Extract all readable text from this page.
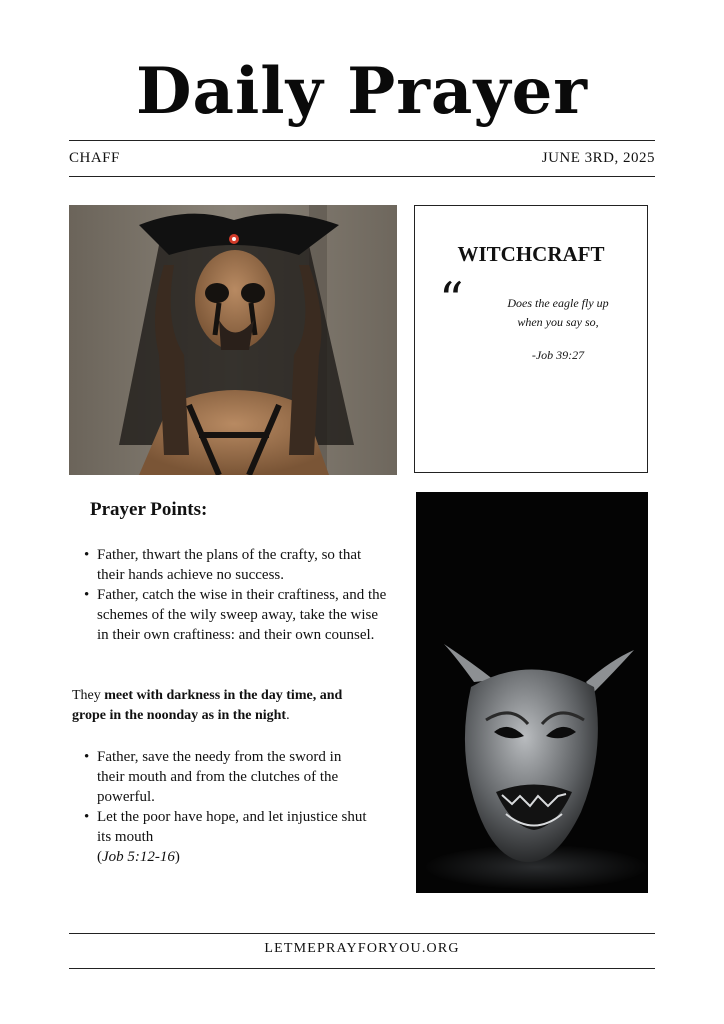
Daily Prayer
CHAFF	JUNE 3RD, 2025
WITCHCRAFT
“	Does the eagle fly up
when you say so,
-Job 39:27
Prayer Points:
• Father, thwart the plans of the crafty, so that their hands achieve no success.
• Father, catch the wise in their craftiness, and the schemes of the wily sweep away, take the wise in their own craftiness: and their own counsel.
They meet with darkness in the day time, and grope in the noonday as in the night.
• Father, save the needy from the sword in their mouth and from the clutches of the powerful.
• Let the poor have hope, and let injustice shut its mouth
(Job 5:12-16)
LETMEPRAYFORYOU.ORG
